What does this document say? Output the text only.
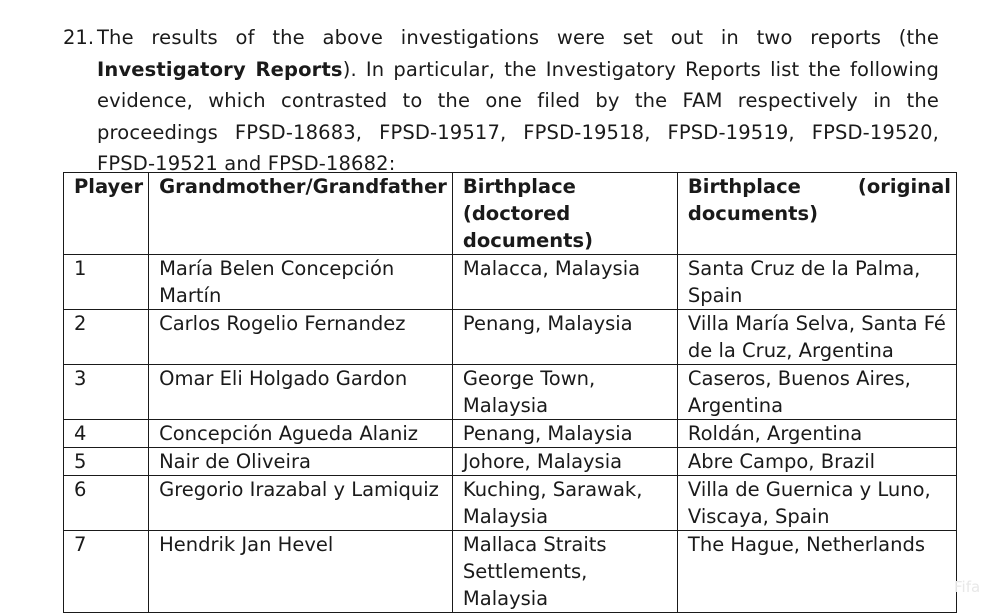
21. The results of the above investigations were set out in two reports (the Investigatory Reports). In particular, the Investigatory Reports list the following evidence, which contrasted to the one filed by the FAM respectively in the proceedings FPSD-18683, FPSD-19517, FPSD-19518, FPSD-19519, FPSD-19520, FPSD-19521 and FPSD-18682:
Player	Grandmother/Grandfather	Birthplace (doctored documents)	Birthplace (original documents)
1	María Belen Concepción Martín	Malacca, Malaysia	Santa Cruz de la Palma, Spain
2	Carlos Rogelio Fernandez	Penang, Malaysia	Villa María Selva, Santa Fé de la Cruz, Argentina
3	Omar Eli Holgado Gardon	George Town, Malaysia	Caseros, Buenos Aires, Argentina
4	Concepción Agueda Alaniz	Penang, Malaysia	Roldán, Argentina
5	Nair de Oliveira	Johore, Malaysia	Abre Campo, Brazil
6	Gregorio Irazabal y Lamiquiz	Kuching, Sarawak, Malaysia	Villa de Guernica y Luno, Viscaya, Spain
7	Hendrik Jan Hevel	Mallaca Straits Settlements, Malaysia	The Hague, Netherlands
Fifa
